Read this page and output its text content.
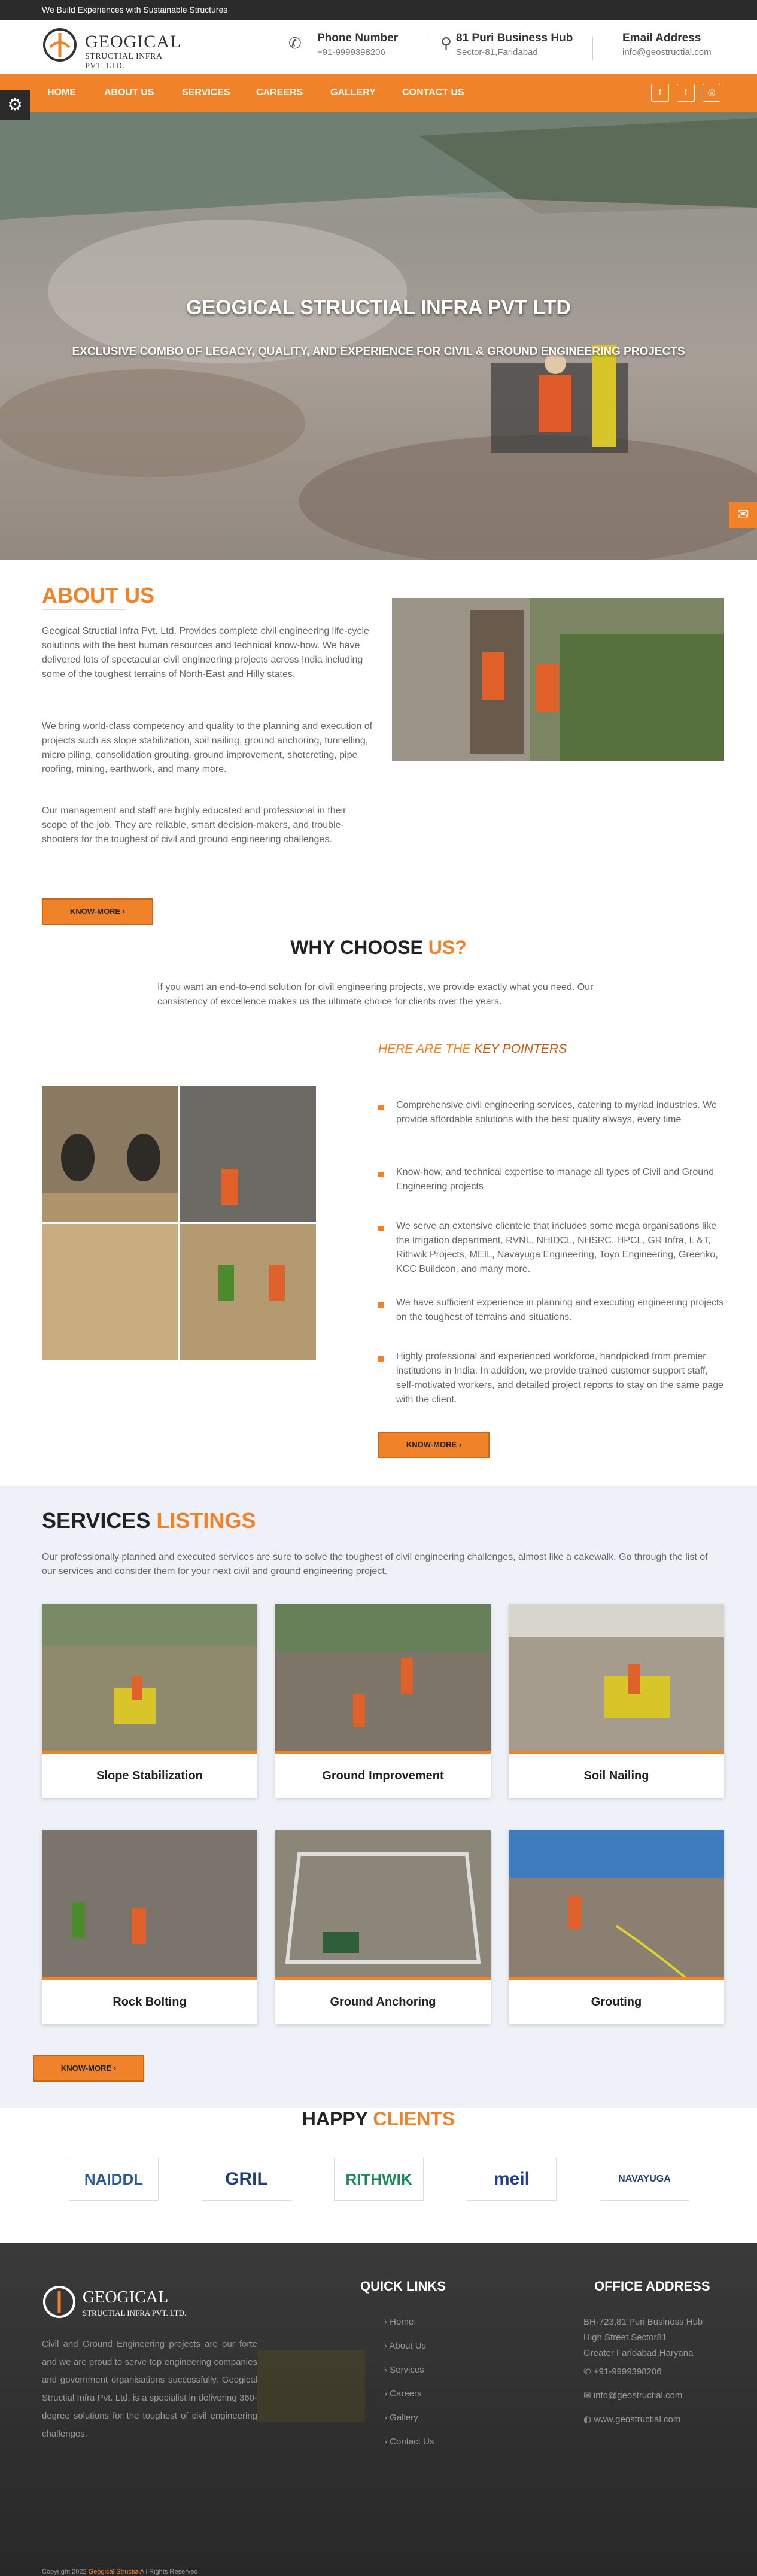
We Build Experiences with Sustainable Structures
GEOGICAL
STRUCTIAL INFRA PVT. LTD.
✆	Phone Number
+91-9999398206
⚲ 81 Puri Business Hub
Sector-81,Faridabad
Email Address
info@geostructial.com
HOME	ABOUT US	SERVICES	CAREERS	GALLERY	CONTACT US	f	t	◎
GEOGICAL STRUCTIAL INFRA PVT LTD
EXCLUSIVE COMBO OF LEGACY, QUALITY, AND EXPERIENCE FOR CIVIL & GROUND ENGINEERING PROJECTS
⚙
✉
ABOUT US
Geogical Structial Infra Pvt. Ltd. Provides complete civil engineering life-cycle solutions with the best human resources and technical know-how. We have delivered lots of spectacular civil engineering projects across India including some of the toughest terrains of North-East and Hilly states.
We bring world-class competency and quality to the planning and execution of projects such as slope stabilization, soil nailing, ground anchoring, tunnelling, micro piling, consolidation grouting, ground improvement, shotcreting, pipe roofing, mining, earthwork, and many more.
Our management and staff are highly educated and professional in their scope of the job. They are reliable, smart decision-makers, and trouble-shooters for the toughest of civil and ground engineering challenges.
KNOW-MORE ›
WHY CHOOSE US?
If you want an end-to-end solution for civil engineering projects, we provide exactly what you need. Our consistency of excellence makes us the ultimate choice for clients over the years.
HERE ARE THE KEY POINTERS
Comprehensive civil engineering services, catering to myriad industries. We provide affordable solutions with the best quality always, every time
Know-how, and technical expertise to manage all types of Civil and Ground Engineering projects
We serve an extensive clientele that includes some mega organisations like the Irrigation department, RVNL, NHIDCL, NHSRC, HPCL, GR Infra, L &T, Rithwik Projects, MEIL, Navayuga Engineering, Toyo Engineering, Greenko, KCC Buildcon, and many more.
We have sufficient experience in planning and executing engineering projects on the toughest of terrains and situations.
Highly professional and experienced workforce, handpicked from premier institutions in India. In addition, we provide trained customer support staff, self-motivated workers, and detailed project reports to stay on the same page with the client.
KNOW-MORE ›
SERVICES LISTINGS
Our professionally planned and executed services are sure to solve the toughest of civil engineering challenges, almost like a cakewalk. Go through the list of our services and consider them for your next civil and ground engineering project.
Slope Stabilization	Ground Improvement	Soil Nailing
Rock Bolting	Ground Anchoring	Grouting
KNOW-MORE ›
HAPPY CLIENTS
NAIDDL	GRIL	RITHWIK	meil	NAVAYUGA
GEOGICAL
STRUCTIAL INFRA PVT. LTD.
Civil and Ground Engineering projects are our forte and we are proud to serve top engineering companies and government organisations successfully. Geogical Structial Infra Pvt. Ltd. is a specialist in delivering 360-degree solutions for the toughest of civil engineering challenges.
QUICK LINKS
› Home
› About Us
› Services
› Careers
› Gallery
› Contact Us
OFFICE ADDRESS
BH-723,81 Puri Business Hub
High Street,Sector81
Greater Faridabad,Haryana
✆ +91-9999398206
✉ info@geostructial.com
◍ www.geostructial.com
Copyright 2022 Geogical StructialAll Rights Reserved
